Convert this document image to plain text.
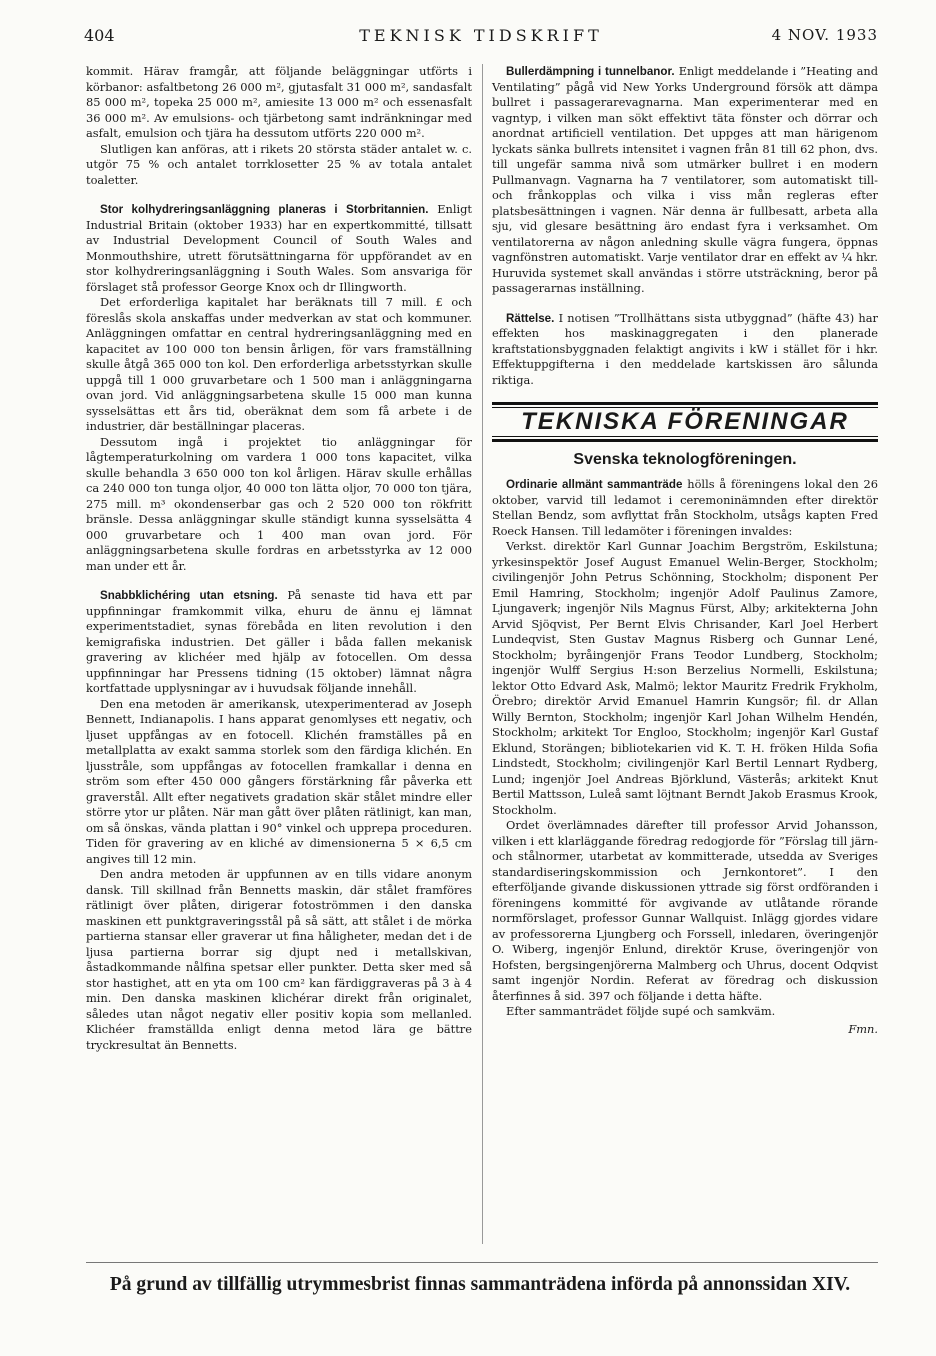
404	TEKNISK TIDSKRIFT	4 NOV. 1933

kommit. Härav framgår, att följande beläggningar utförts i körbanor: asfaltbetong 26 000 m², gjutasfalt 31 000 m², sandasfalt 85 000 m², topeka 25 000 m², amiesite 13 000 m² och essenasfalt 36 000 m². Av emulsions- och tjärbetong samt indränkningar med asfalt, emulsion och tjära ha dessutom utförts 220 000 m².

Slutligen kan anföras, att i rikets 20 största städer antalet w. c. utgör 75 % och antalet torrklosetter 25 % av totala antalet toaletter.

Stor kolhydreringsanläggning planeras i Storbritannien. Enligt Industrial Britain (oktober 1933) har en expertkommitté, tillsatt av Industrial Development Council of South Wales and Monmouthshire, utrett förutsättningarna för uppförandet av en stor kolhydreringsanläggning i South Wales. Som ansvariga för förslaget stå professor George Knox och dr Illingworth.

Det erforderliga kapitalet har beräknats till 7 mill. £ och föreslås skola anskaffas under medverkan av stat och kommuner. Anläggningen omfattar en central hydreringsanläggning med en kapacitet av 100 000 ton bensin årligen, för vars framställning skulle åtgå 365 000 ton kol. Den erforderliga arbetsstyrkan skulle uppgå till 1 000 gruvarbetare och 1 500 man i anläggningarna ovan jord. Vid anläggningsarbetena skulle 15 000 man kunna sysselsättas ett års tid, oberäknat dem som få arbete i de industrier, där beställningar placeras.

Dessutom ingå i projektet tio anläggningar för lågtemperaturkolning om vardera 1 000 tons kapacitet, vilka skulle behandla 3 650 000 ton kol årligen. Härav skulle erhållas ca 240 000 ton tunga oljor, 40 000 ton lätta oljor, 70 000 ton tjära, 275 mill. m³ okondenserbar gas och 2 520 000 ton rökfritt bränsle. Dessa anläggningar skulle ständigt kunna sysselsätta 4 000 gruvarbetare och 1 400 man ovan jord. För anläggningsarbetena skulle fordras en arbetsstyrka av 12 000 man under ett år.

Snabbklichéring utan etsning. På senaste tid hava ett par uppfinningar framkommit vilka, ehuru de ännu ej lämnat experimentstadiet, synas förebåda en liten revolution i den kemigrafiska industrien. Det gäller i båda fallen mekanisk gravering av klichéer med hjälp av fotocellen. Om dessa uppfinningar har Pressens tidning (15 oktober) lämnat några kortfattade upplysningar av i huvudsak följande innehåll.

Den ena metoden är amerikansk, utexperimenterad av Joseph Bennett, Indianapolis. I hans apparat genomlyses ett negativ, och ljuset uppfångas av en fotocell. Klichén framställes på en metallplatta av exakt samma storlek som den färdiga klichén. En ljusstråle, som uppfångas av fotocellen framkallar i denna en ström som efter 450 000 gångers förstärkning får påverka ett graverstål. Allt efter negativets gradation skär stålet mindre eller större ytor ur plåten. När man gått över plåten rätlinigt, kan man, om så önskas, vända plattan i 90° vinkel och upprepa proceduren. Tiden för gravering av en kliché av dimensionerna 5 × 6,5 cm angives till 12 min.

Den andra metoden är uppfunnen av en tills vidare anonym dansk. Till skillnad från Bennetts maskin, där stålet framföres rätlinigt över plåten, dirigerar fotoströmmen i den danska maskinen ett punktgraveringsstål på så sätt, att stålet i de mörka partierna stansar eller graverar ut fina håligheter, medan det i de ljusa partierna borrar sig djupt ned i metallskivan, åstadkommande nålfina spetsar eller punkter. Detta sker med så stor hastighet, att en yta om 100 cm² kan färdiggraveras på 3 à 4 min. Den danska maskinen klichérar direkt från originalet, således utan något negativ eller positiv kopia som mellanled. Klichéer framställda enligt denna metod lära ge bättre tryckresultat än Bennetts.

Bullerdämpning i tunnelbanor. Enligt meddelande i ”Heating and Ventilating” pågå vid New Yorks Underground försök att dämpa bullret i passagerarevagnarna. Man experimenterar med en vagntyp, i vilken man sökt effektivt täta fönster och dörrar och anordnat artificiell ventilation. Det uppges att man härigenom lyckats sänka bullrets intensitet i vagnen från 81 till 62 phon, dvs. till ungefär samma nivå som utmärker bullret i en modern Pullmanvagn. Vagnarna ha 7 ventilatorer, som automatiskt till- och frånkopplas och vilka i viss mån regleras efter platsbesättningen i vagnen. När denna är fullbesatt, arbeta alla sju, vid glesare besättning äro endast fyra i verksamhet. Om ventilatorerna av någon anledning skulle vägra fungera, öppnas vagnfönstren automatiskt. Varje ventilator drar en effekt av ¼ hkr. Huruvida systemet skall användas i större utsträckning, beror på passagerarnas inställning.

Rättelse. I notisen ”Trollhättans sista utbyggnad” (häfte 43) har effekten hos maskinaggregaten i den planerade kraftstationsbyggnaden felaktigt angivits i kW i stället för i hkr. Effektuppgifterna i den meddelade kartskissen äro sålunda riktiga.

TEKNISKA FÖRENINGAR
Svenska teknologföreningen.

Ordinarie allmänt sammanträde hölls å föreningens lokal den 26 oktober, varvid till ledamot i ceremoninämnden efter direktör Stellan Bendz, som avflyttat från Stockholm, utsågs kapten Fred Roeck Hansen. Till ledamöter i föreningen invaldes:

Verkst. direktör Karl Gunnar Joachim Bergström, Eskilstuna; yrkesinspektör Josef August Emanuel Welin-Berger, Stockholm; civilingenjör John Petrus Schönning, Stockholm; disponent Per Emil Hamring, Stockholm; ingenjör Adolf Paulinus Zamore, Ljungaverk; ingenjör Nils Magnus Fürst, Alby; arkitekterna John Arvid Sjöqvist, Per Bernt Elvis Chrisander, Karl Joel Herbert Lundeqvist, Sten Gustav Magnus Risberg och Gunnar Lené, Stockholm; byråingenjör Frans Teodor Lundberg, Stockholm; ingenjör Wulff Sergius H:son Berzelius Normelli, Eskilstuna; lektor Otto Edvard Ask, Malmö; lektor Mauritz Fredrik Frykholm, Örebro; direktör Arvid Emanuel Hamrin Kungsör; fil. dr Allan Willy Bernton, Stockholm; ingenjör Karl Johan Wilhelm Hendén, Stockholm; arkitekt Tor Engloo, Stockholm; ingenjör Karl Gustaf Eklund, Storängen; bibliotekarien vid K. T. H. fröken Hilda Sofia Lindstedt, Stockholm; civilingenjör Karl Bertil Lennart Rydberg, Lund; ingenjör Joel Andreas Björklund, Västerås; arkitekt Knut Bertil Mattsson, Luleå samt löjtnant Berndt Jakob Erasmus Krook, Stockholm.

Ordet överlämnades därefter till professor Arvid Johansson, vilken i ett klarläggande föredrag redogjorde för ”Förslag till järn- och stålnormer, utarbetat av kommitterade, utsedda av Sveriges standardiseringskommission och Jernkontoret”. I den efterföljande givande diskussionen yttrade sig först ordföranden i föreningens kommitté för avgivande av utlåtande rörande normförslaget, professor Gunnar Wallquist. Inlägg gjordes vidare av professorerna Ljungberg och Forssell, inledaren, överingenjör O. Wiberg, ingenjör Enlund, direktör Kruse, överingenjör von Hofsten, bergsingenjörerna Malmberg och Uhrus, docent Odqvist samt ingenjör Nordin. Referat av föredrag och diskussion återfinnes å sid. 397 och följande i detta häfte.

Efter sammanträdet följde supé och samkväm.

Fmn.
På grund av tillfällig utrymmesbrist finnas sammanträdena införda på annonssidan XIV.
